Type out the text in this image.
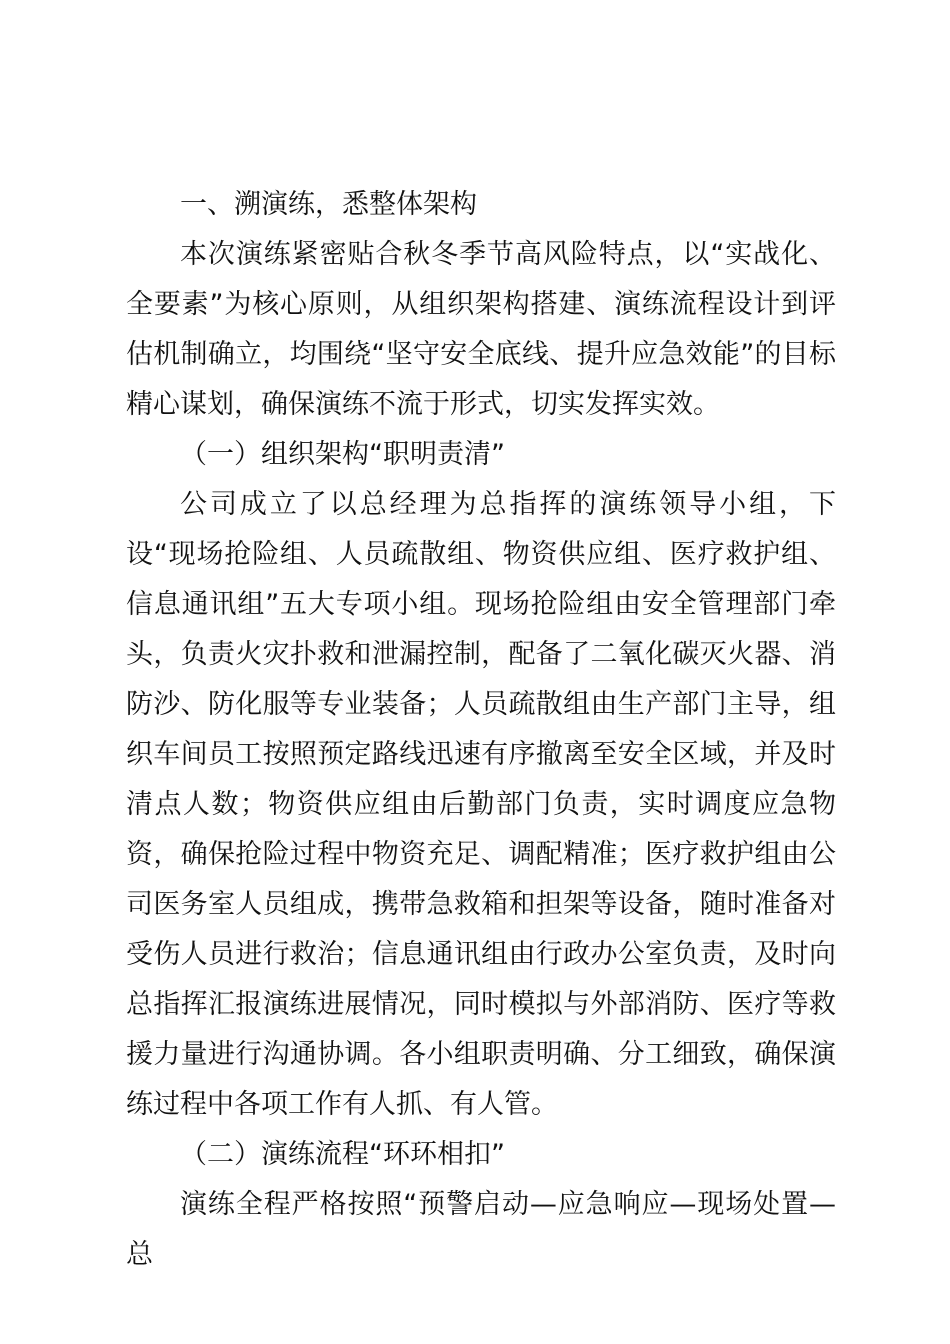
一、溯演练，悉整体架构

本次演练紧密贴合秋冬季节高风险特点，以“实战化、全要素”为核心原则，从组织架构搭建、演练流程设计到评估机制确立，均围绕“坚守安全底线、提升应急效能”的目标精心谋划，确保演练不流于形式，切实发挥实效。

（一）组织架构“职明责清”

公司成立了以总经理为总指挥的演练领导小组，下设“现场抢险组、人员疏散组、物资供应组、医疗救护组、信息通讯组”五大专项小组。现场抢险组由安全管理部门牵头，负责火灾扑救和泄漏控制，配备了二氧化碳灭火器、消防沙、防化服等专业装备；人员疏散组由生产部门主导，组织车间员工按照预定路线迅速有序撤离至安全区域，并及时清点人数；物资供应组由后勤部门负责，实时调度应急物资，确保抢险过程中物资充足、调配精准；医疗救护组由公司医务室人员组成，携带急救箱和担架等设备，随时准备对受伤人员进行救治；信息通讯组由行政办公室负责，及时向总指挥汇报演练进展情况，同时模拟与外部消防、医疗等救援力量进行沟通协调。各小组职责明确、分工细致，确保演练过程中各项工作有人抓、有人管。

（二）演练流程“环环相扣”

演练全程严格按照“预警启动—应急响应—现场处置—总
